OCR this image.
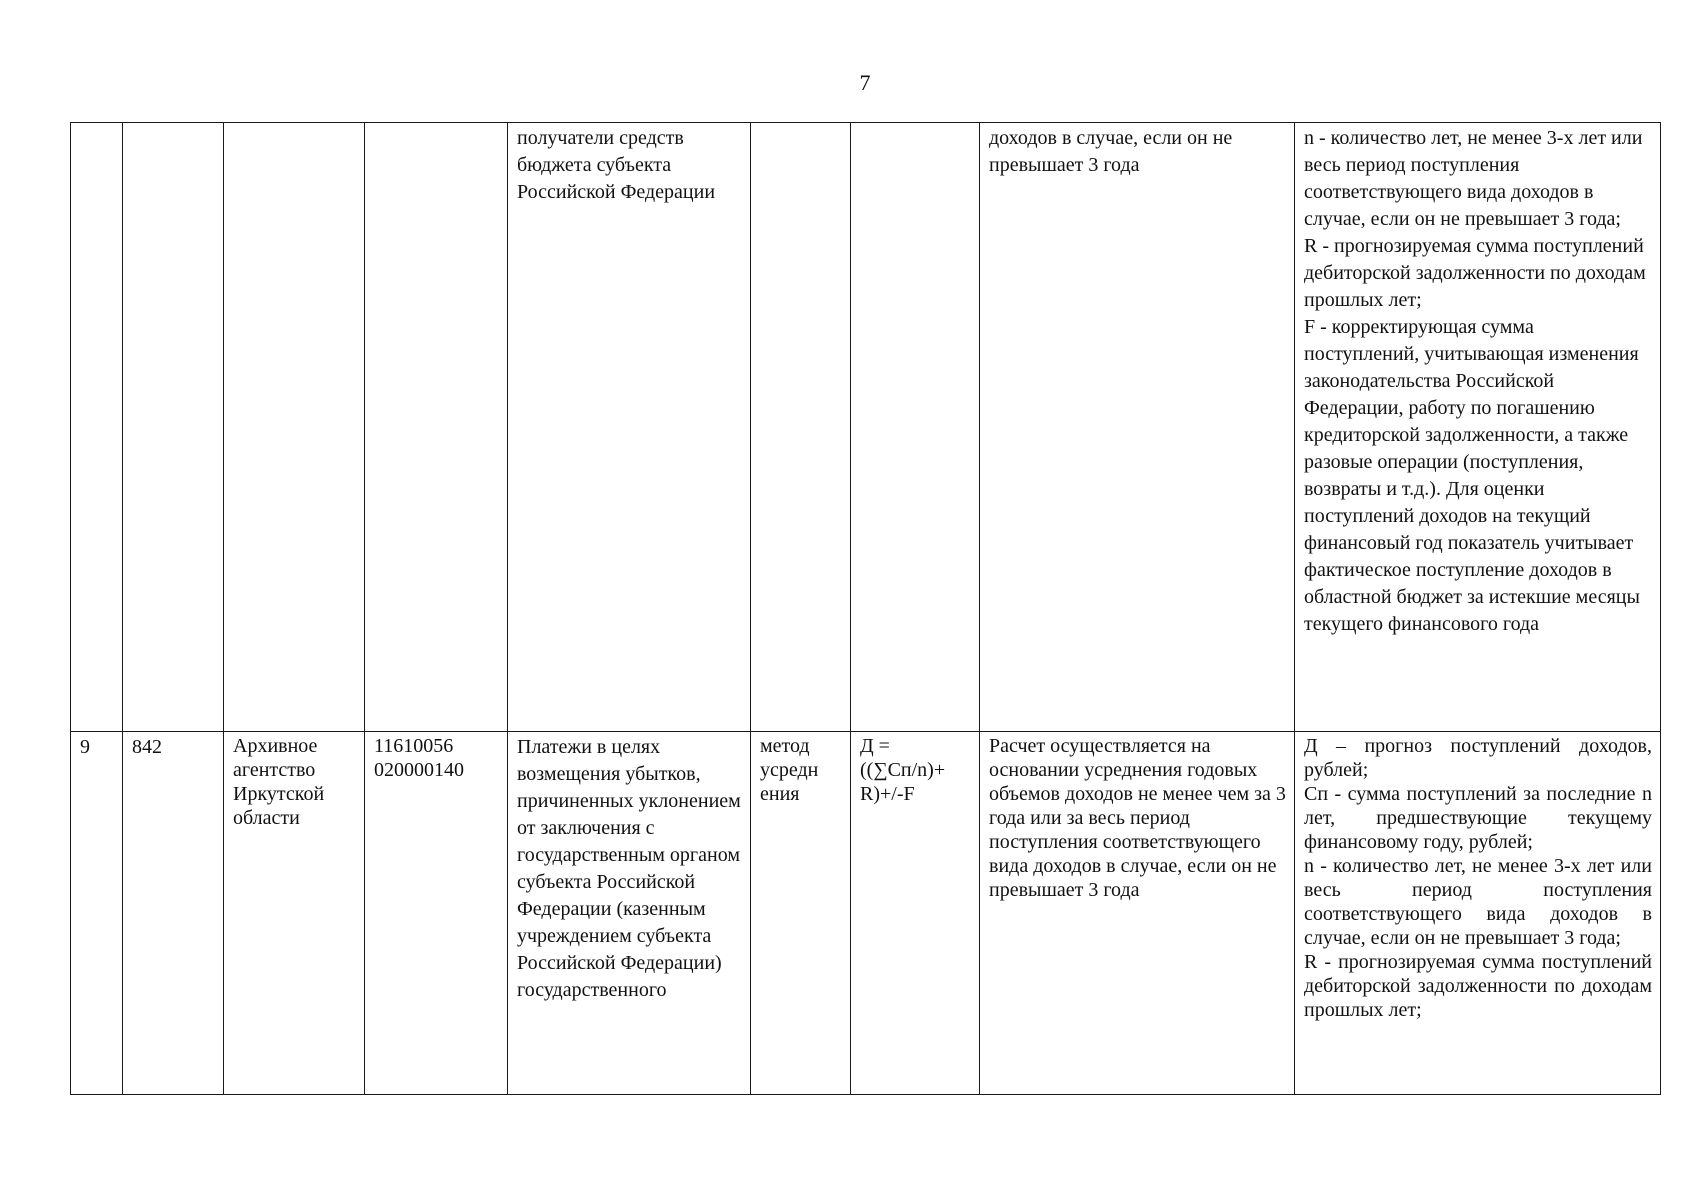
7

				получатели средств бюджета субъекта Российской Федерации			доходов в случае, если он не превышает 3 года	n - количество лет, не менее 3-х лет или весь период поступления соответствующего вида доходов в случае, если он не превышает 3 года;
R - прогнозируемая сумма поступлений дебиторской задолженности по доходам прошлых лет;
F - корректирующая сумма поступлений, учитывающая изменения законодательства Российской Федерации, работу по погашению кредиторской задолженности, а также разовые операции (поступления, возвраты и т.д.). Для оценки поступлений доходов на текущий финансовый год показатель учитывает фактическое поступление доходов в областной бюджет за истекшие месяцы текущего финансового года

9	842	Архивное агентство Иркутской области	11610056 020000140	Платежи в целях возмещения убытков, причиненных уклонением от заключения с государственным органом субъекта Российской Федерации (казенным учреждением субъекта Российской Федерации) государственного	метод усредн ения	Д = ((∑Сп/n)+ R)+/-F	Расчет осуществляется на основании усреднения годовых объемов доходов не менее чем за 3 года или за весь период поступления соответствующего вида доходов в случае, если он не превышает 3 года	Д – прогноз поступлений доходов, рублей;
Сп - сумма поступлений за последние n лет, предшествующие текущему финансовому году, рублей;
n - количество лет, не менее 3-х лет или весь период поступления соответствующего вида доходов в случае, если он не превышает 3 года;
R - прогнозируемая сумма поступлений дебиторской задолженности по доходам прошлых лет;
